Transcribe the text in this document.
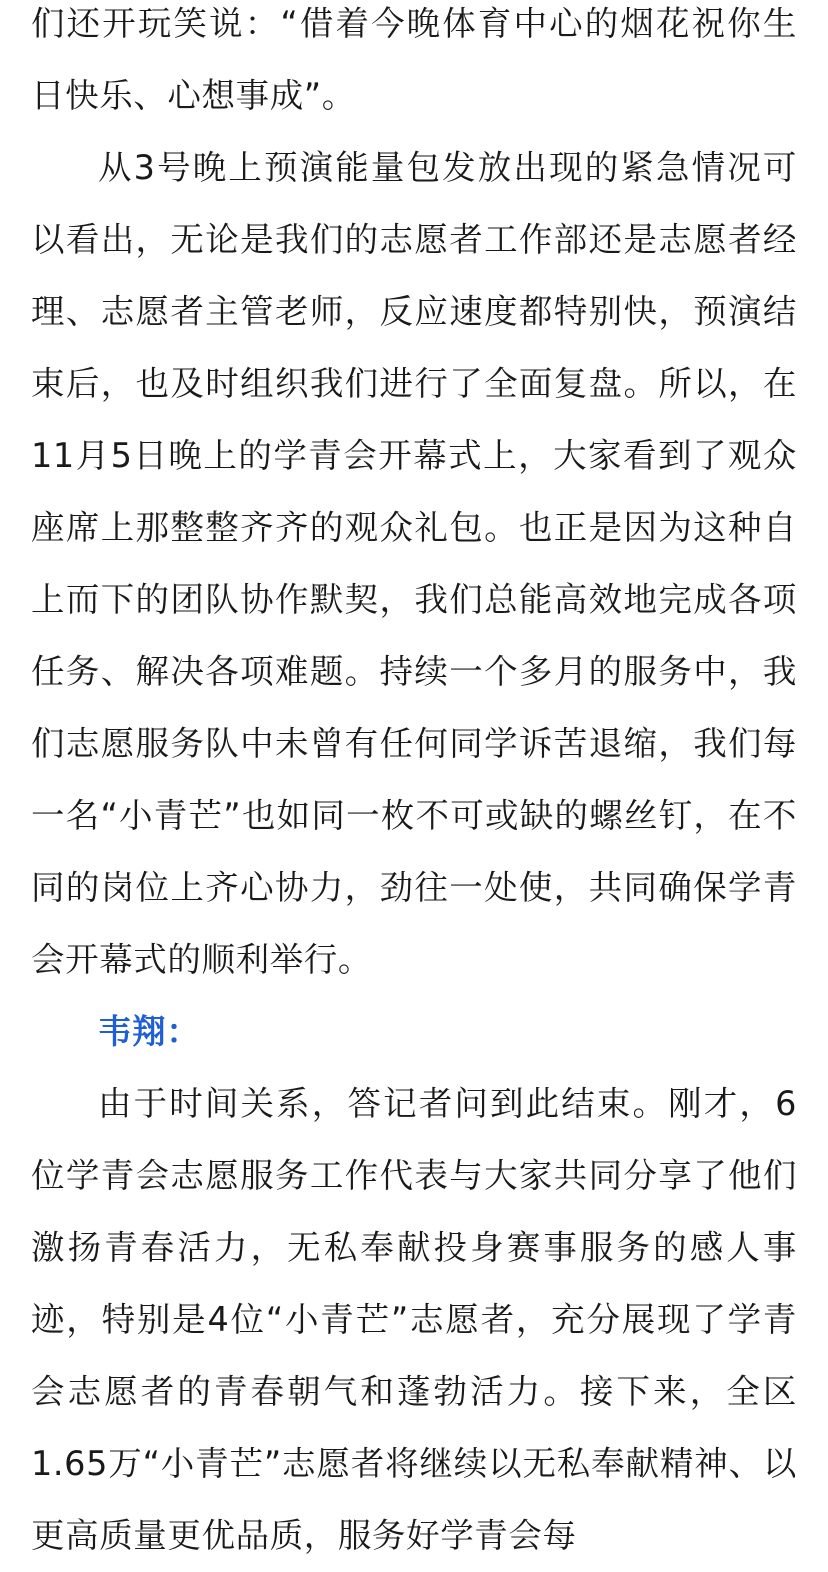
们还开玩笑说：“借着今晚体育中心的烟花祝你生日快乐、心想事成”。

从3号晚上预演能量包发放出现的紧急情况可以看出，无论是我们的志愿者工作部还是志愿者经理、志愿者主管老师，反应速度都特别快，预演结束后，也及时组织我们进行了全面复盘。所以，在11月5日晚上的学青会开幕式上，大家看到了观众座席上那整整齐齐的观众礼包。也正是因为这种自上而下的团队协作默契，我们总能高效地完成各项任务、解决各项难题。持续一个多月的服务中，我们志愿服务队中未曾有任何同学诉苦退缩，我们每一名“小青芒”也如同一枚不可或缺的螺丝钉，在不同的岗位上齐心协力，劲往一处使，共同确保学青会开幕式的顺利举行。

韦翔：

由于时间关系，答记者问到此结束。刚才，6位学青会志愿服务工作代表与大家共同分享了他们激扬青春活力，无私奉献投身赛事服务的感人事迹，特别是4位“小青芒”志愿者，充分展现了学青会志愿者的青春朝气和蓬勃活力。接下来，全区1.65万“小青芒”志愿者将继续以无私奉献精神、以更高质量更优品质，服务好学青会每
